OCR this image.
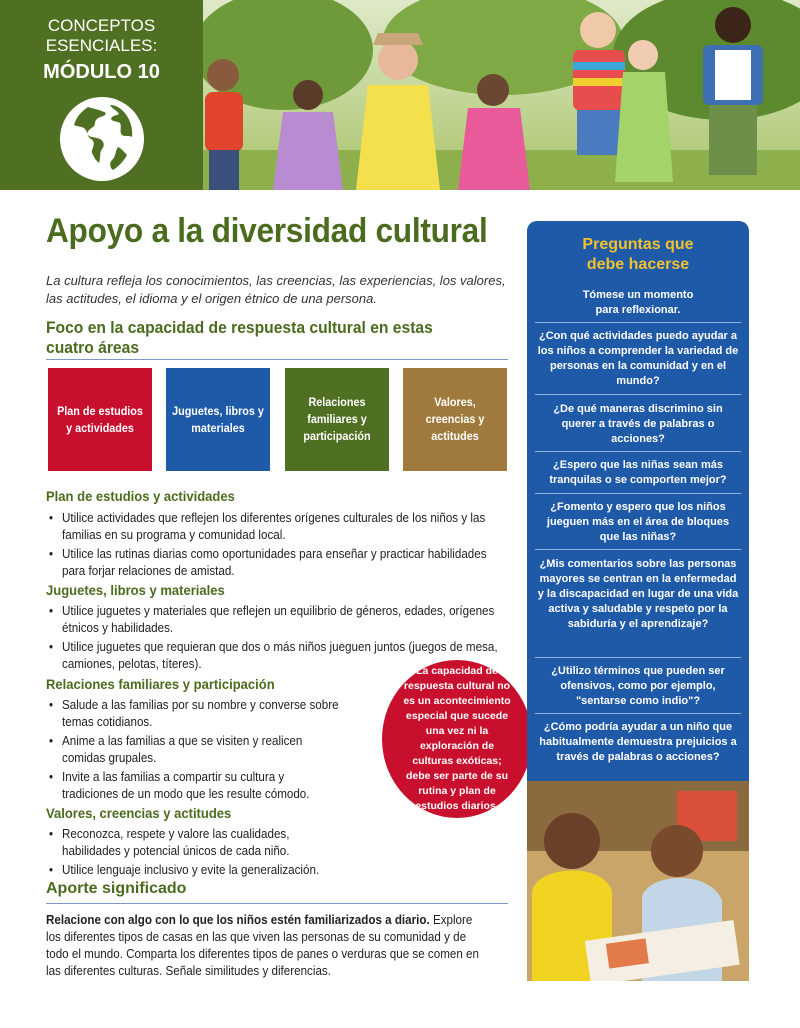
CONCEPTOS
ESENCIALES:
MÓDULO 10
Apoyo a la diversidad cultural
La cultura refleja los conocimientos, las creencias, las experiencias, los valores, las actitudes, el idioma y el origen étnico de una persona.
Foco en la capacidad de respuesta cultural en estas cuatro áreas
Plan de estudios y actividades
Juguetes, libros y materiales
Relaciones familiares y participación
Valores, creencias y actitudes
Plan de estudios y actividades
• Utilice actividades que reflejen los diferentes orígenes culturales de los niños y las familias en su programa y comunidad local.
• Utilice las rutinas diarias como oportunidades para enseñar y practicar habilidades para forjar relaciones de amistad.
Juguetes, libros y materiales
• Utilice juguetes y materiales que reflejen un equilibrio de géneros, edades, orígenes étnicos y habilidades.
• Utilice juguetes que requieran que dos o más niños jueguen juntos (juegos de mesa, camiones, pelotas, títeres).
Relaciones familiares y participación
• Salude a las familias por su nombre y converse sobre temas cotidianos.
• Anime a las familias a que se visiten y realicen comidas grupales.
• Invite a las familias a compartir su cultura y tradiciones de un modo que les resulte cómodo.
Valores, creencias y actitudes
• Reconozca, respete y valore las cualidades, habilidades y potencial únicos de cada niño.
• Utilice lenguaje inclusivo y evite la generalización.
Aporte significado
Relacione con algo con lo que los niños estén familiarizados a diario. Explore los diferentes tipos de casas en las que viven las personas de su comunidad y de todo el mundo. Comparta los diferentes tipos de panes o verduras que se comen en las diferentes culturas. Señale similitudes y diferencias.
La capacidad de respuesta cultural no es un acontecimiento especial que sucede una vez ni la exploración de culturas exóticas; debe ser parte de su rutina y plan de estudios diarios.
Preguntas que debe hacerse
Tómese un momento para reflexionar.
¿Con qué actividades puedo ayudar a los niños a comprender la variedad de personas en la comunidad y en el mundo?
¿De qué maneras discrimino sin querer a través de palabras o acciones?
¿Espero que las niñas sean más tranquilas o se comporten mejor?
¿Fomento y espero que los niños jueguen más en el área de bloques que las niñas?
¿Mis comentarios sobre las personas mayores se centran en la enfermedad y la discapacidad en lugar de una vida activa y saludable y respeto por la sabiduría y el aprendizaje?
¿Utilizo términos que pueden ser ofensivos, como por ejemplo, "sentarse como indio"?
¿Cómo podría ayudar a un niño que habitualmente demuestra prejuicios a través de palabras o acciones?
